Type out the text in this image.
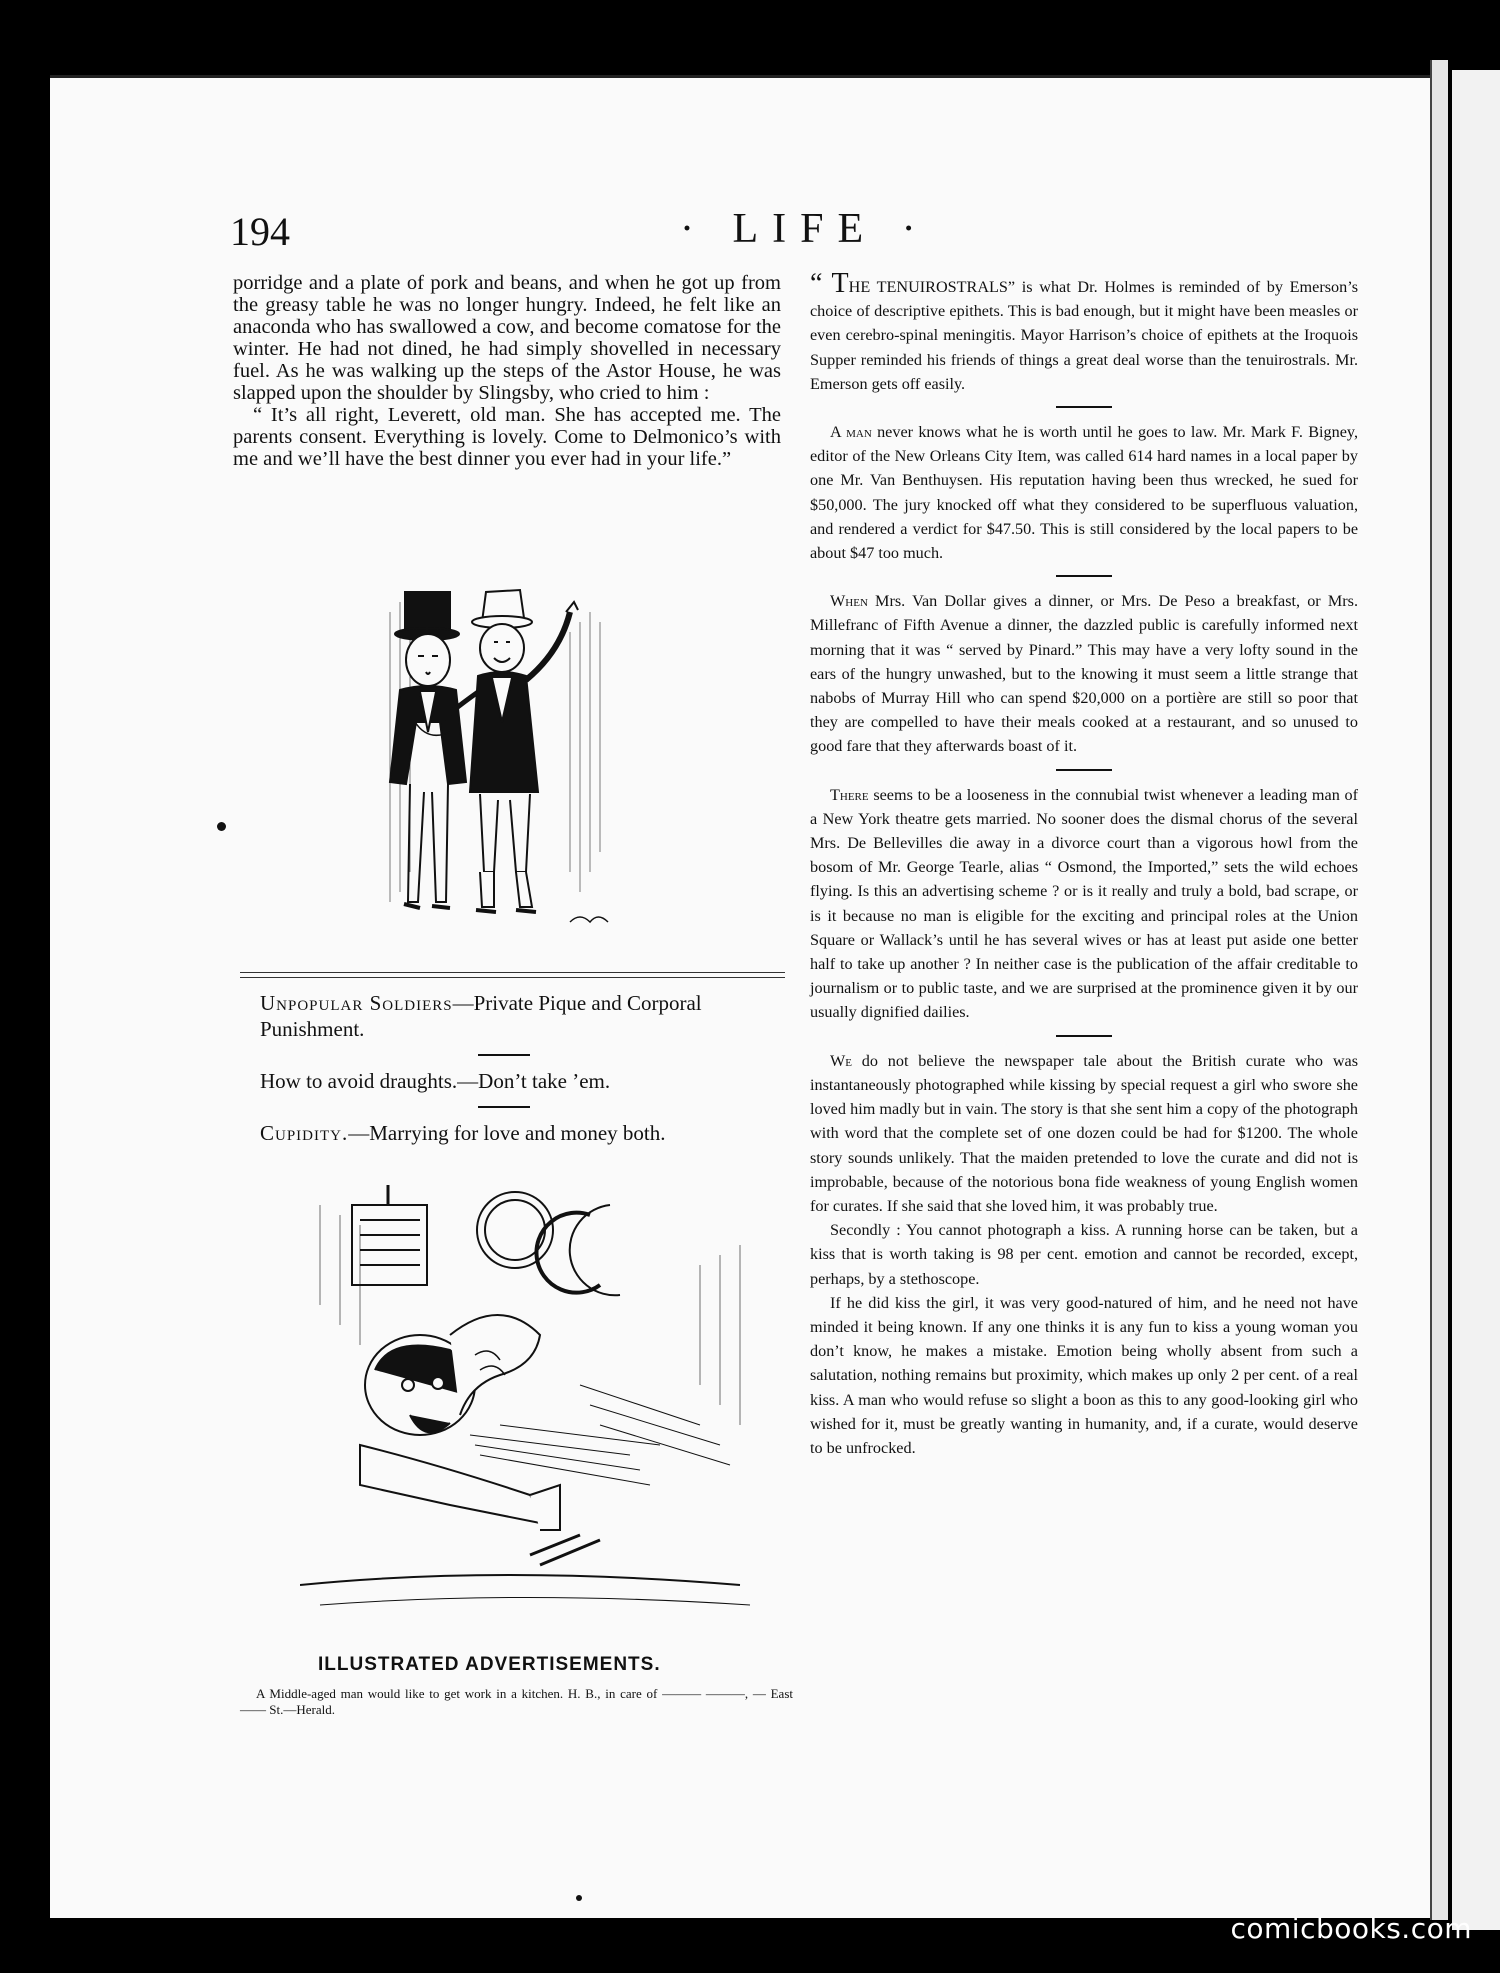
194	· LIFE ·

porridge and a plate of pork and beans, and when he got up from the greasy table he was no longer hungry. Indeed, he felt like an anaconda who has swallowed a cow, and become comatose for the winter. He had not dined, he had simply shovelled in necessary fuel. As he was walking up the steps of the Astor House, he was slapped upon the shoulder by Slingsby, who cried to him :

“ It’s all right, Leverett, old man. She has accepted me. The parents consent. Everything is lovely. Come to Delmonico’s with me and we’ll have the best dinner you ever had in your life.”

Unpopular Soldiers—Private Pique and Corporal Punishment.

How to avoid draughts.—Don’t take ’em.

Cupidity.—Marrying for love and money both.

ILLUSTRATED ADVERTISEMENTS.

A Middle-aged man would like to get work in a kitchen. H. B., in care of ——— ———, — East —— St.—Herald.

“ THE TENUIROSTRALS” is what Dr. Holmes is reminded of by Emerson’s choice of descriptive epithets. This is bad enough, but it might have been measles or even cerebro-spinal meningitis. Mayor Harrison’s choice of epithets at the Iroquois Supper reminded his friends of things a great deal worse than the tenuirostrals. Mr. Emerson gets off easily.

A man never knows what he is worth until he goes to law. Mr. Mark F. Bigney, editor of the New Orleans City Item, was called 614 hard names in a local paper by one Mr. Van Benthuysen. His reputation having been thus wrecked, he sued for $50,000. The jury knocked off what they considered to be superfluous valuation, and rendered a verdict for $47.50. This is still considered by the local papers to be about $47 too much.

When Mrs. Van Dollar gives a dinner, or Mrs. De Peso a breakfast, or Mrs. Millefranc of Fifth Avenue a dinner, the dazzled public is carefully informed next morning that it was “ served by Pinard.” This may have a very lofty sound in the ears of the hungry unwashed, but to the knowing it must seem a little strange that nabobs of Murray Hill who can spend $20,000 on a portière are still so poor that they are compelled to have their meals cooked at a restaurant, and so unused to good fare that they afterwards boast of it.

There seems to be a looseness in the connubial twist whenever a leading man of a New York theatre gets married. No sooner does the dismal chorus of the several Mrs. De Bellevilles die away in a divorce court than a vigorous howl from the bosom of Mr. George Tearle, alias “ Osmond, the Imported,” sets the wild echoes flying. Is this an advertising scheme ? or is it really and truly a bold, bad scrape, or is it because no man is eligible for the exciting and principal roles at the Union Square or Wallack’s until he has several wives or has at least put aside one better half to take up another ? In neither case is the publication of the affair creditable to journalism or to public taste, and we are surprised at the prominence given it by our usually dignified dailies.

We do not believe the newspaper tale about the British curate who was instantaneously photographed while kissing by special request a girl who swore she loved him madly but in vain. The story is that she sent him a copy of the photograph with word that the complete set of one dozen could be had for $1200. The whole story sounds unlikely. That the maiden pretended to love the curate and did not is improbable, because of the notorious bona fide weakness of young English women for curates. If she said that she loved him, it was probably true.

Secondly : You cannot photograph a kiss. A running horse can be taken, but a kiss that is worth taking is 98 per cent. emotion and cannot be recorded, except, perhaps, by a stethoscope.

If he did kiss the girl, it was very good-natured of him, and he need not have minded it being known. If any one thinks it is any fun to kiss a young woman you don’t know, he makes a mistake. Emotion being wholly absent from such a salutation, nothing remains but proximity, which makes up only 2 per cent. of a real kiss. A man who would refuse so slight a boon as this to any good-looking girl who wished for it, must be greatly wanting in humanity, and, if a curate, would deserve to be unfrocked.

comicbooks.com
